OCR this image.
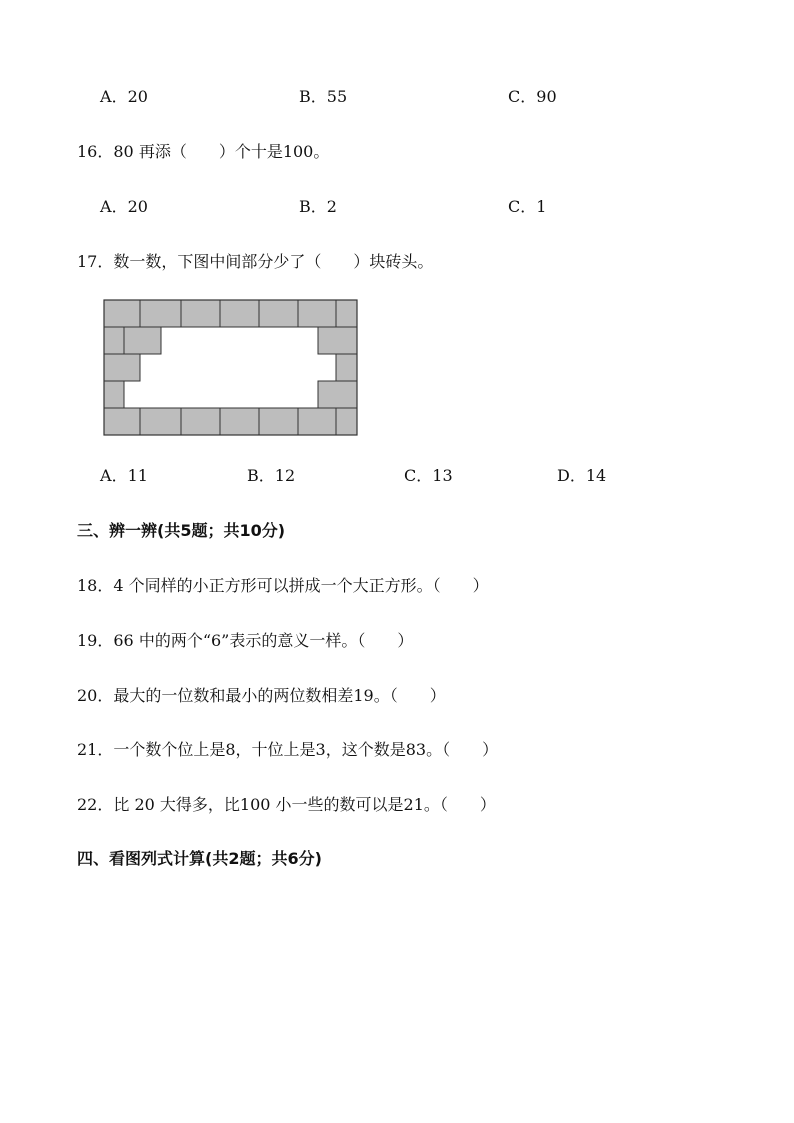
A．20	B．55	C．90
16．80 再添（　　）个十是100。
A．20	B．2	C．1
17．数一数，下图中间部分少了（　　）块砖头。
A．11	B．12	C．13	D．14
三、辨一辨(共5题；共10分)
18．4 个同样的小正方形可以拼成一个大正方形。（　　）
19．66 中的两个“6”表示的意义一样。（　　）
20．最大的一位数和最小的两位数相差19。（　　）
21．一个数个位上是8，十位上是3，这个数是83。（　　）
22．比 20 大得多，比100 小一些的数可以是21。（　　）
四、看图列式计算(共2题；共6分)
